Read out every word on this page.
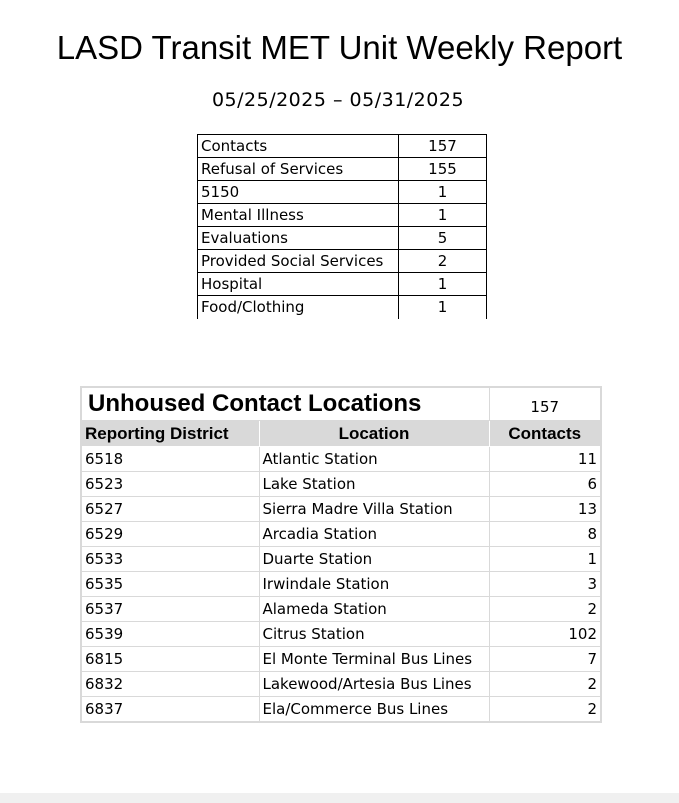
LASD Transit MET Unit Weekly Report
05/25/2025 – 05/31/2025
Contacts	157
Refusal of Services	155
5150	1
Mental Illness	1
Evaluations	5
Provided Social Services	2
Hospital	1
Food/Clothing	1
Unhoused Contact Locations		157
Reporting District	Location	Contacts
6518	Atlantic Station	11
6523	Lake Station	6
6527	Sierra Madre Villa Station	13
6529	Arcadia Station	8
6533	Duarte Station	1
6535	Irwindale Station	3
6537	Alameda Station	2
6539	Citrus Station	102
6815	El Monte Terminal Bus Lines	7
6832	Lakewood/Artesia Bus Lines	2
6837	Ela/Commerce Bus Lines	2
